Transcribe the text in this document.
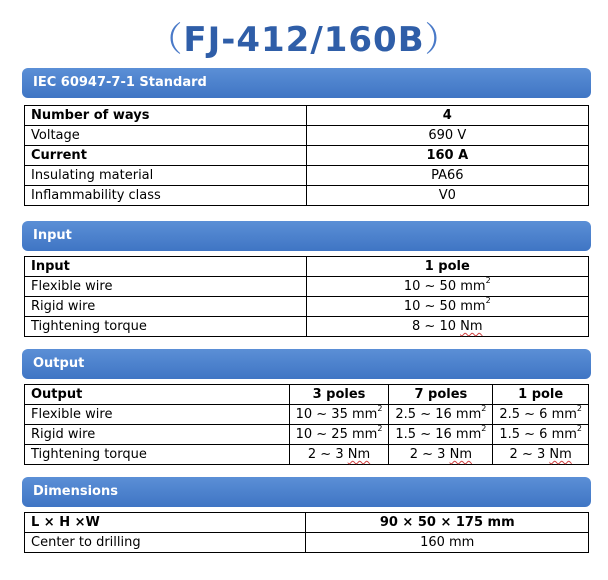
（FJ-412/160B）
IEC 60947-7-1 Standard
Number of ways	4
Voltage	690 V
Current	160 A
Insulating material	PA66
Inflammability class	V0
Input
Input	1 pole
Flexible wire	10 ~ 50 $mm^2$
Rigid wire	10 ~ 50 $mm^2$
Tightening torque	8 ~ 10 Nm
Output
Output	3 poles	7 poles	1 pole
Flexible wire	10 ~ 35 $mm^2$	2.5 ~ 16 $mm^2$	2.5 ~ 6 $mm^2$
Rigid wire	10 ~ 25 $mm^2$	1.5 ~ 16 $mm^2$	1.5 ~ 6 $mm^2$
Tightening torque	2 ~ 3 Nm	2 ~ 3 Nm	2 ~ 3 Nm
Dimensions
L × H ×W	90 × 50 × 175 mm
Center to drilling	160 mm
